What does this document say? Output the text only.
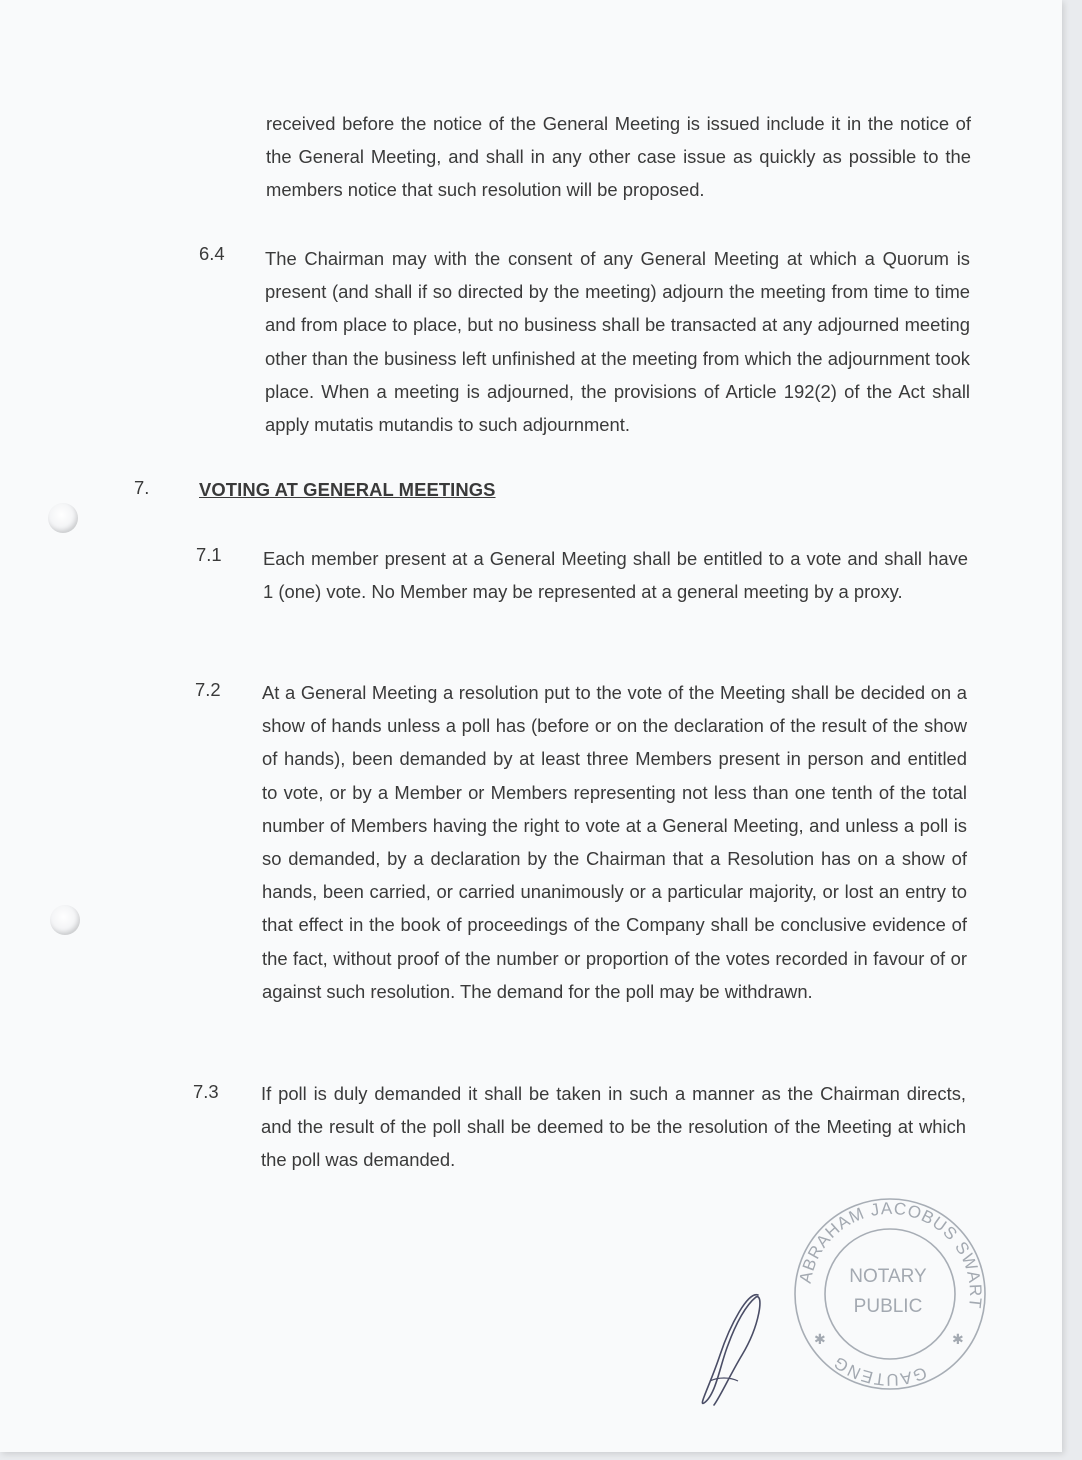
received before the notice of the General Meeting is issued include it in the notice of the General Meeting, and shall in any other case issue as quickly as possible to the members notice that such resolution will be proposed.
6.4 The Chairman may with the consent of any General Meeting at which a Quorum is present (and shall if so directed by the meeting) adjourn the meeting from time to time and from place to place, but no business shall be transacted at any adjourned meeting other than the business left unfinished at the meeting from which the adjournment took place. When a meeting is adjourned, the provisions of Article 192(2) of the Act shall apply mutatis mutandis to such adjournment.
7.	VOTING AT GENERAL MEETINGS
7.1 Each member present at a General Meeting shall be entitled to a vote and shall have 1 (one) vote. No Member may be represented at a general meeting by a proxy.
7.2 At a General Meeting a resolution put to the vote of the Meeting shall be decided on a show of hands unless a poll has (before or on the declaration of the result of the show of hands), been demanded by at least three Members present in person and entitled to vote, or by a Member or Members representing not less than one tenth of the total number of Members having the right to vote at a General Meeting, and unless a poll is so demanded, by a declaration by the Chairman that a Resolution has on a show of hands, been carried, or carried unanimously or a particular majority, or lost an entry to that effect in the book of proceedings of the Company shall be conclusive evidence of the fact, without proof of the number or proportion of the votes recorded in favour of or against such resolution. The demand for the poll may be withdrawn.
7.3 If poll is duly demanded it shall be taken in such a manner as the Chairman directs, and the result of the poll shall be deemed to be the resolution of the Meeting at which the poll was demanded.
ABRAHAM JACOBUS SWART
GAUTENG
✱	✱
NOTARY
PUBLIC
